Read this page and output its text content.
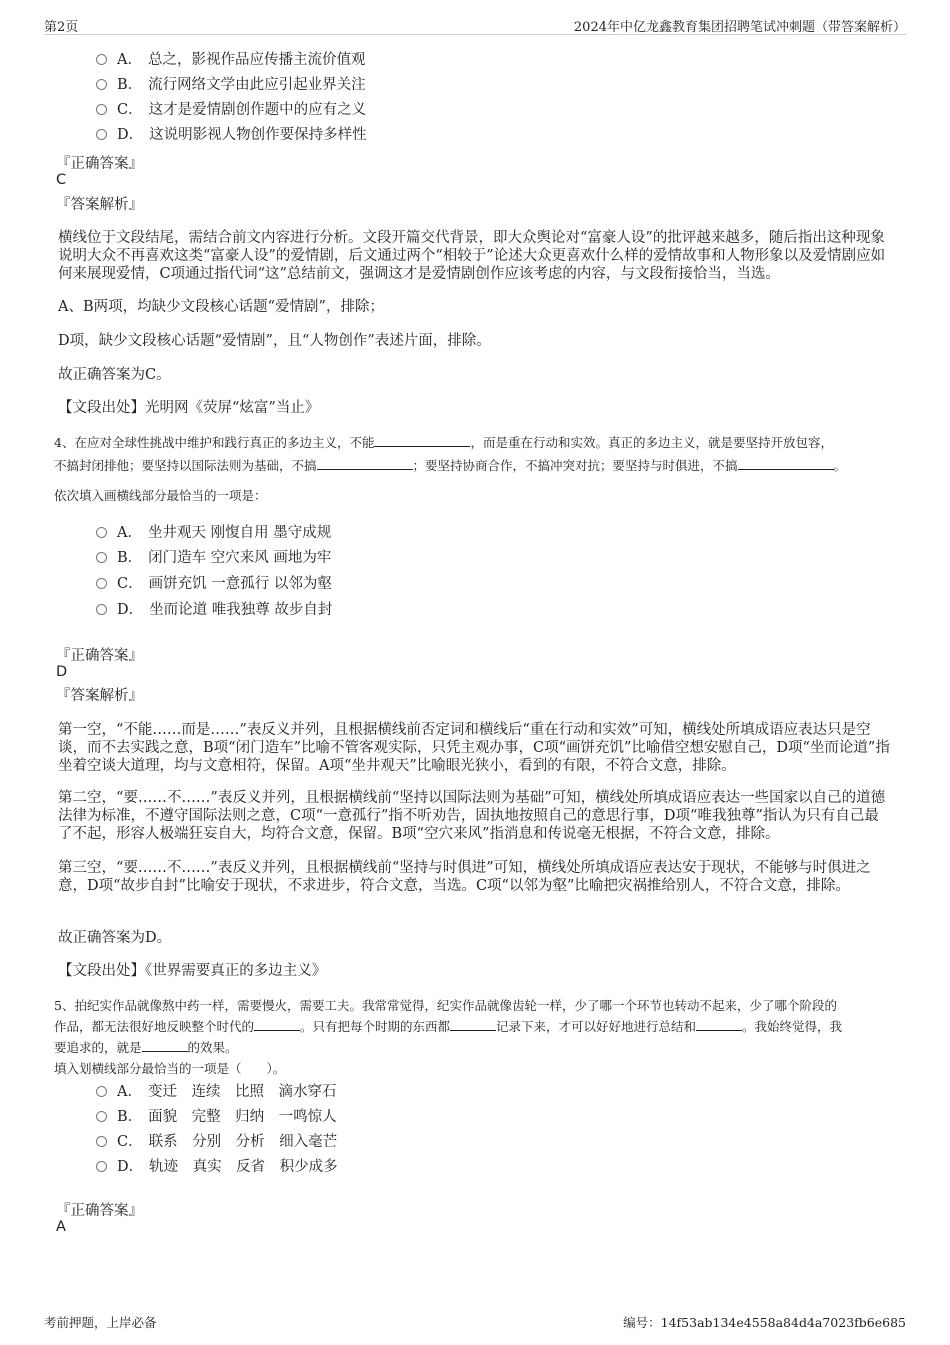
第2页	2024年中亿龙鑫教育集团招聘笔试冲刺题（带答案解析）
A． 总之，影视作品应传播主流价值观
B． 流行网络文学由此应引起业界关注
C． 这才是爱情剧创作题中的应有之义
D． 这说明影视人物创作要保持多样性
『正确答案』
C
『答案解析』
横线位于文段结尾，需结合前文内容进行分析。文段开篇交代背景，即大众舆论对“富豪人设”的批评越来越多，随后指出这种现象说明大众不再喜欢这类“富豪人设”的爱情剧，后文通过两个“相较于”论述大众更喜欢什么样的爱情故事和人物形象以及爱情剧应如何来展现爱情，C项通过指代词“这”总结前文，强调这才是爱情剧创作应该考虑的内容，与文段衔接恰当，当选。
A、B两项，均缺少文段核心话题“爱情剧”，排除；
D项，缺少文段核心话题“爱情剧”，且“人物创作”表述片面，排除。
故正确答案为C。
【文段出处】光明网《荧屏“炫富”当止》
4、在应对全球性挑战中维护和践行真正的多边主义，不能	，而是重在行动和实效。真正的多边主义，就是要坚持开放包容，
不搞封闭排他；要坚持以国际法则为基础，不搞	；要坚持协商合作，不搞冲突对抗；要坚持与时俱进，不搞	。
依次填入画横线部分最恰当的一项是：
A． 坐井观天 刚愎自用 墨守成规
B． 闭门造车 空穴来风 画地为牢
C． 画饼充饥 一意孤行 以邻为壑
D． 坐而论道 唯我独尊 故步自封
『正确答案』
D
『答案解析』
第一空，“不能……而是……”表反义并列，且根据横线前否定词和横线后“重在行动和实效”可知，横线处所填成语应表达只是空谈，而不去实践之意，B项“闭门造车”比喻不管客观实际，只凭主观办事，C项“画饼充饥”比喻借空想安慰自己，D项“坐而论道”指坐着空谈大道理，均与文意相符，保留。A项“坐井观天”比喻眼光狭小，看到的有限，不符合文意，排除。
第二空，“要……不……”表反义并列，且根据横线前“坚持以国际法则为基础”可知，横线处所填成语应表达一些国家以自己的道德法律为标准，不遵守国际法则之意，C项“一意孤行”指不听劝告，固执地按照自己的意思行事，D项“唯我独尊”指认为只有自己最了不起，形容人极端狂妄自大，均符合文意，保留。B项“空穴来风”指消息和传说毫无根据，不符合文意，排除。
第三空，“要……不……”表反义并列，且根据横线前“坚持与时俱进”可知，横线处所填成语应表达安于现状，不能够与时俱进之意，D项“故步自封”比喻安于现状，不求进步，符合文意，当选。C项“以邻为壑”比喻把灾祸推给别人，不符合文意，排除。
故正确答案为D。
【文段出处】《世界需要真正的多边主义》
5、拍纪实作品就像熬中药一样，需要慢火，需要工夫。我常常觉得，纪实作品就像齿轮一样，少了哪一个环节也转动不起来，少了哪个阶段的
作品，都无法很好地反映整个时代的	。只有把每个时期的东西都	记录下来，才可以好好地进行总结和	。我始终觉得，我
要追求的，就是	的效果。
填入划横线部分最恰当的一项是（　　）。
A． 变迁　连续　比照　滴水穿石
B． 面貌　完整　归纳　一鸣惊人
C． 联系　分别　分析　细入毫芒
D． 轨迹　真实　反省　积少成多
『正确答案』
A
考前押题，上岸必备	编号：14f53ab134e4558a84d4a7023fb6e685
